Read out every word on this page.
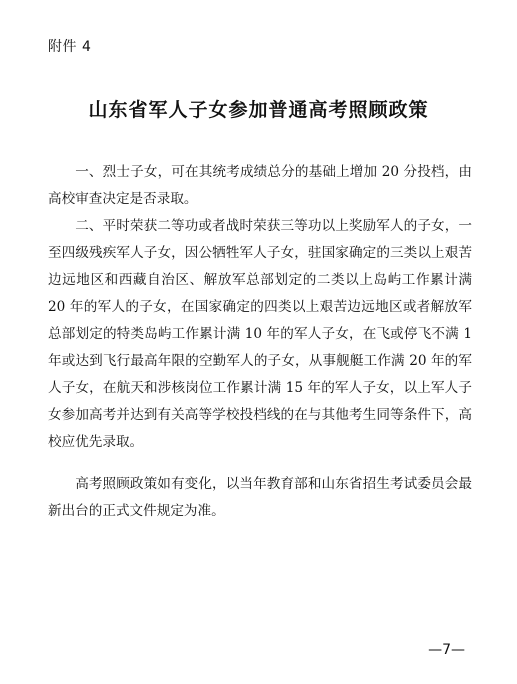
附件 4
山东省军人子女参加普通高考照顾政策

一、烈士子女，可在其统考成绩总分的基础上增加 20 分投档，由高校审查决定是否录取。

二、平时荣获二等功或者战时荣获三等功以上奖励军人的子女，一至四级残疾军人子女，因公牺牲军人子女，驻国家确定的三类以上艰苦边远地区和西藏自治区、解放军总部划定的二类以上岛屿工作累计满 20 年的军人的子女，在国家确定的四类以上艰苦边远地区或者解放军总部划定的特类岛屿工作累计满 10 年的军人子女，在飞或停飞不满 1 年或达到飞行最高年限的空勤军人的子女，从事舰艇工作满 20 年的军人子女，在航天和涉核岗位工作累计满 15 年的军人子女，以上军人子女参加高考并达到有关高等学校投档线的在与其他考生同等条件下，高校应优先录取。

高考照顾政策如有变化，以当年教育部和山东省招生考试委员会最新出台的正式文件规定为准。

—7—
